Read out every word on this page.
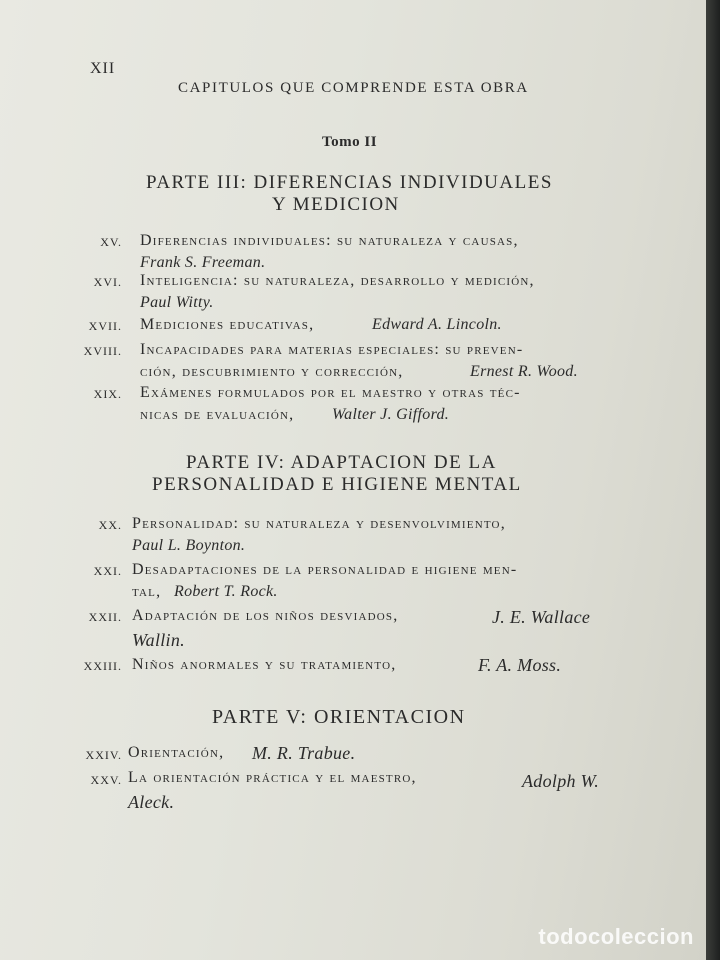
XII
CAPITULOS QUE COMPRENDE ESTA OBRA
Tomo II
PARTE III: DIFERENCIAS INDIVIDUALES
Y MEDICION
XV. Diferencias individuales: su naturaleza y causas,
Frank S. Freeman.
XVI. Inteligencia: su naturaleza, desarrollo y medición,
Paul Witty.
XVII. Mediciones educativas,	Edward A. Lincoln.
XVIII. Incapacidades para materias especiales: su preven-
ción, descubrimiento y corrección,	Ernest R. Wood.
XIX. Exámenes formulados por el maestro y otras téc-
nicas de evaluación, Walter J. Gifford.
PARTE IV: ADAPTACION DE LA
PERSONALIDAD E HIGIENE MENTAL
XX. Personalidad: su naturaleza y desenvolvimiento,
Paul L. Boynton.
XXI. Desadaptaciones de la personalidad e higiene men-
tal, Robert T. Rock.
XXII. Adaptación de los niños desviados,	J. E. Wallace
Wallin.
XXIII. Niños anormales y su tratamiento,	F. A. Moss.
PARTE V: ORIENTACION
XXIV. Orientación, M. R. Trabue.
XXV. La orientación práctica y el maestro,	Adolph W.
Aleck.
todocoleccion
